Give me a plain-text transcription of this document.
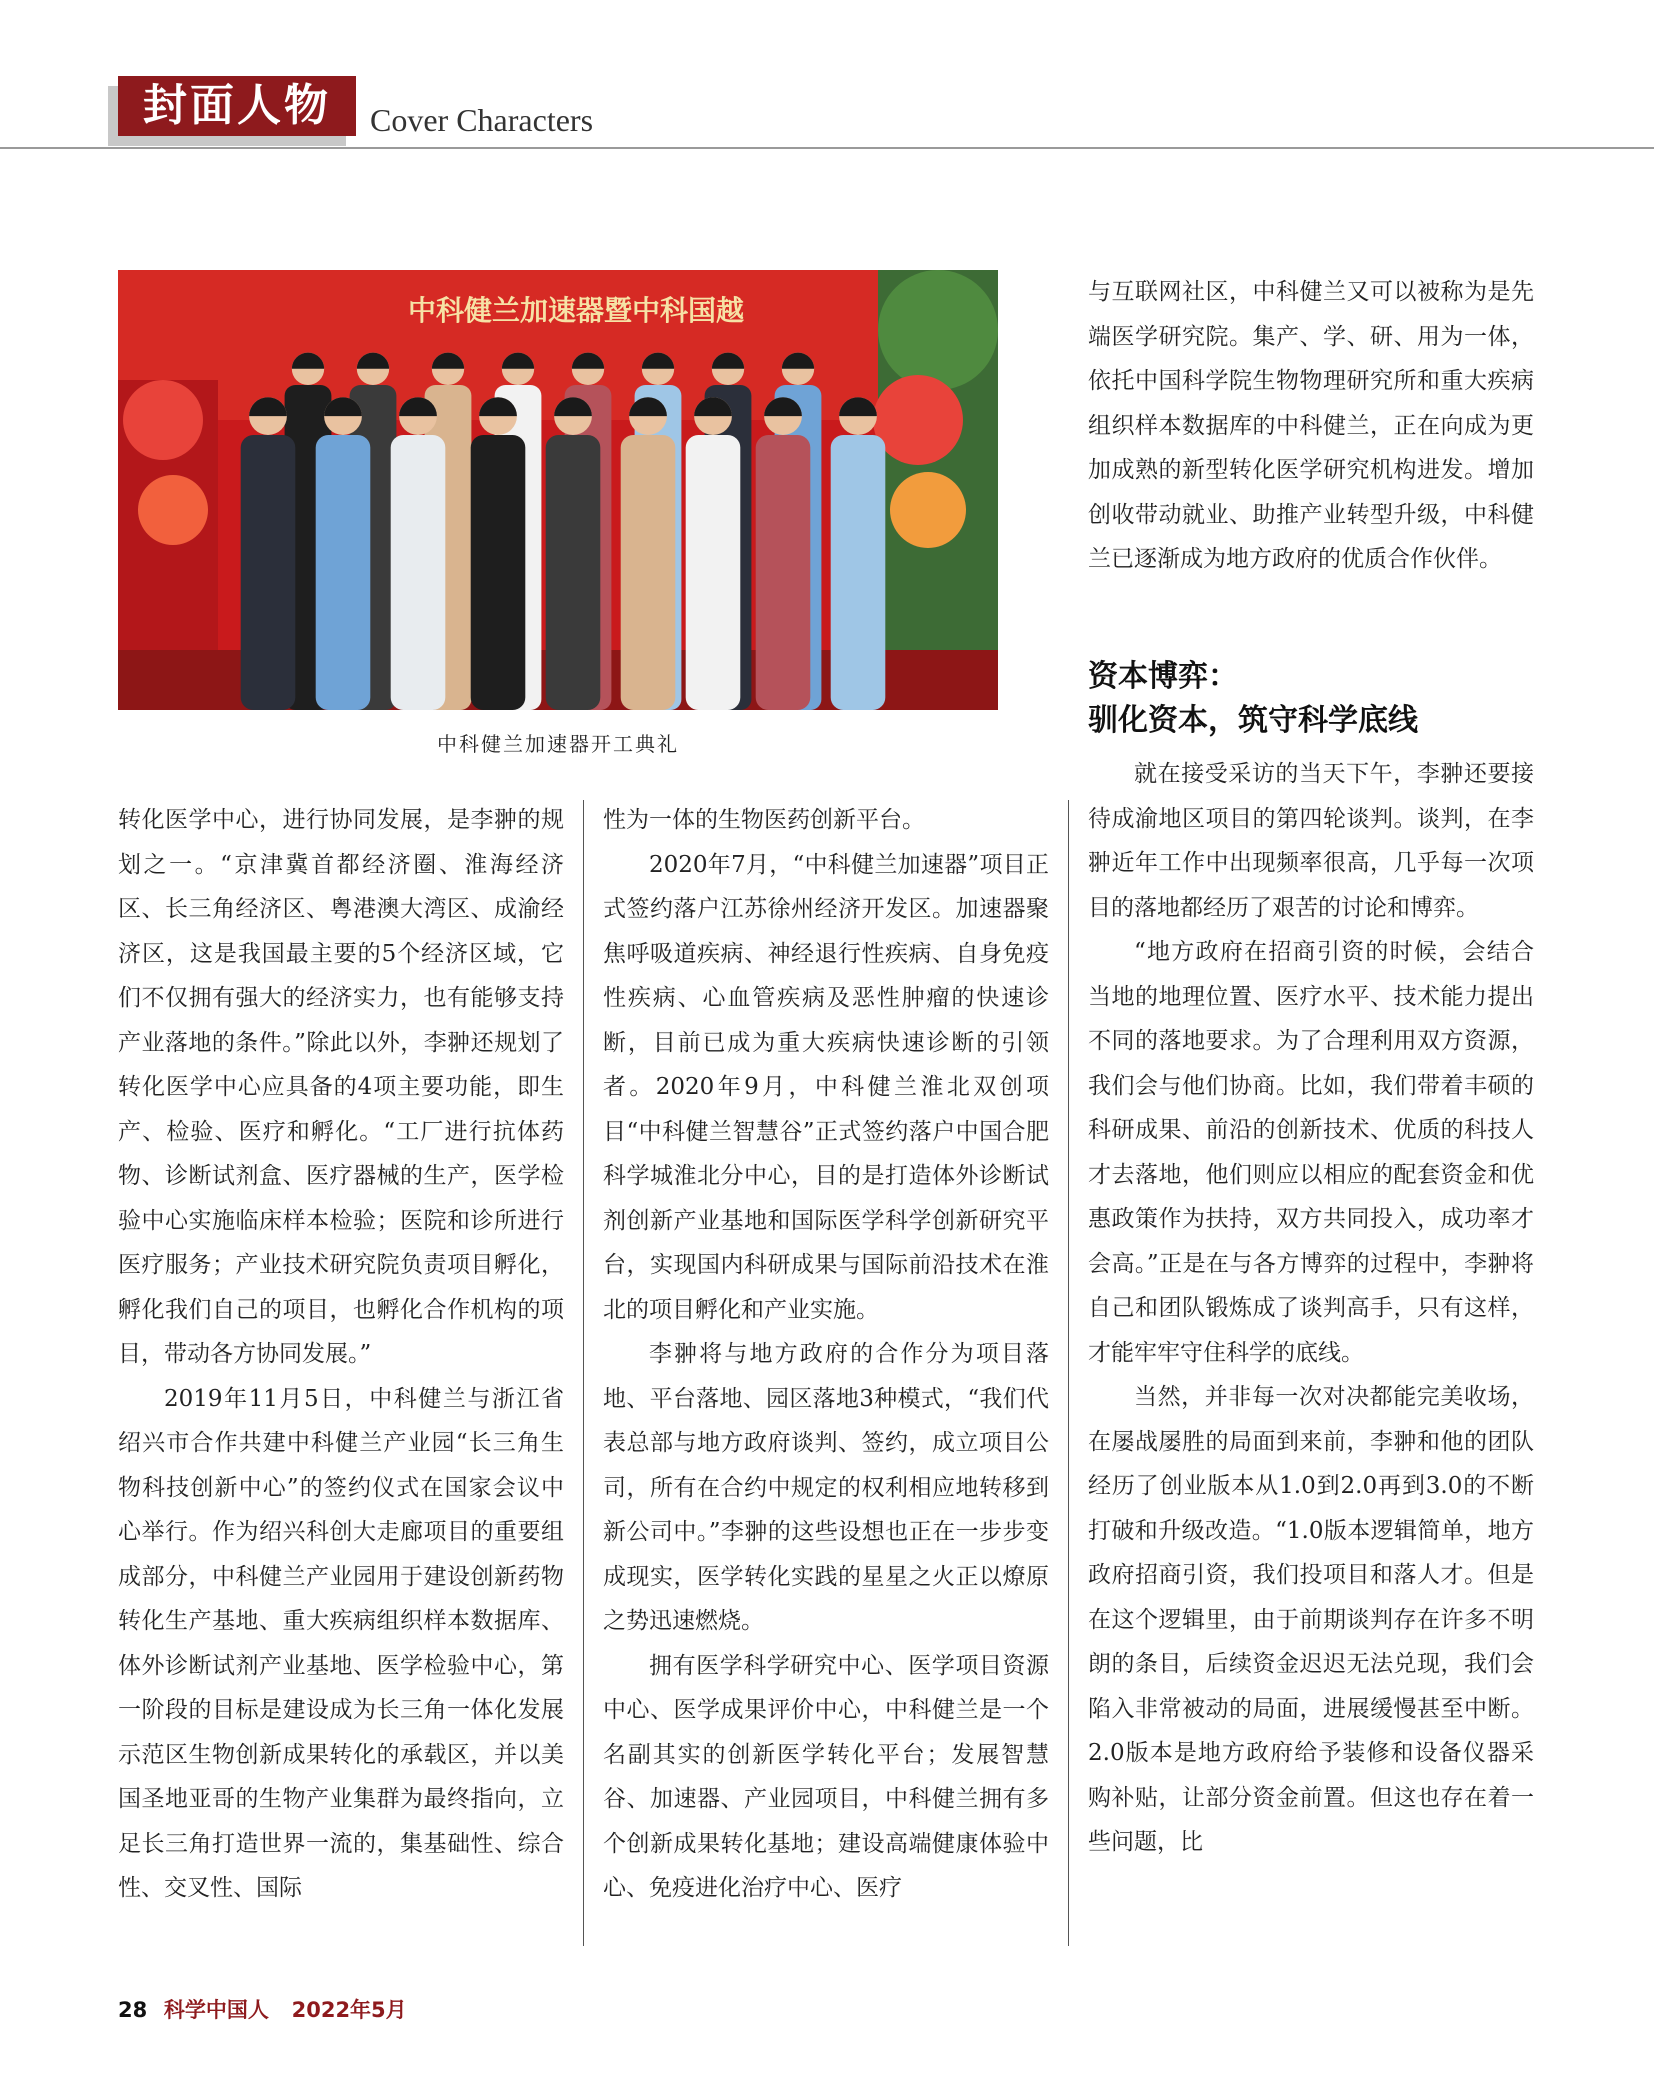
封面人物	Cover Characters
中科健兰加速器暨中科国越
中科健兰加速器开工典礼

与互联网社区，中科健兰又可以被称为是先端医学研究院。集产、学、研、用为一体，依托中国科学院生物物理研究所和重大疾病组织样本数据库的中科健兰，正在向成为更加成熟的新型转化医学研究机构进发。增加创收带动就业、助推产业转型升级，中科健兰已逐渐成为地方政府的优质合作伙伴。

资本博弈：
驯化资本，筑守科学底线

转化医学中心，进行协同发展，是李翀的规划之一。“京津冀首都经济圈、淮海经济区、长三角经济区、粤港澳大湾区、成渝经济区，这是我国最主要的5个经济区域，它们不仅拥有强大的经济实力，也有能够支持产业落地的条件。”除此以外，李翀还规划了转化医学中心应具备的4项主要功能，即生产、检验、医疗和孵化。“工厂进行抗体药物、诊断试剂盒、医疗器械的生产，医学检验中心实施临床样本检验；医院和诊所进行医疗服务；产业技术研究院负责项目孵化，孵化我们自己的项目，也孵化合作机构的项目，带动各方协同发展。”

2019年11月5日，中科健兰与浙江省绍兴市合作共建中科健兰产业园“长三角生物科技创新中心”的签约仪式在国家会议中心举行。作为绍兴科创大走廊项目的重要组成部分，中科健兰产业园用于建设创新药物转化生产基地、重大疾病组织样本数据库、体外诊断试剂产业基地、医学检验中心，第一阶段的目标是建设成为长三角一体化发展示范区生物创新成果转化的承载区，并以美国圣地亚哥的生物产业集群为最终指向，立足长三角打造世界一流的，集基础性、综合性、交叉性、国际

性为一体的生物医药创新平台。

2020年7月，“中科健兰加速器”项目正式签约落户江苏徐州经济开发区。加速器聚焦呼吸道疾病、神经退行性疾病、自身免疫性疾病、心血管疾病及恶性肿瘤的快速诊断，目前已成为重大疾病快速诊断的引领者。2020年9月，中科健兰淮北双创项目“中科健兰智慧谷”正式签约落户中国合肥科学城淮北分中心，目的是打造体外诊断试剂创新产业基地和国际医学科学创新研究平台，实现国内科研成果与国际前沿技术在淮北的项目孵化和产业实施。

李翀将与地方政府的合作分为项目落地、平台落地、园区落地3种模式，“我们代表总部与地方政府谈判、签约，成立项目公司，所有在合约中规定的权利相应地转移到新公司中。”李翀的这些设想也正在一步步变成现实，医学转化实践的星星之火正以燎原之势迅速燃烧。

拥有医学科学研究中心、医学项目资源中心、医学成果评价中心，中科健兰是一个名副其实的创新医学转化平台；发展智慧谷、加速器、产业园项目，中科健兰拥有多个创新成果转化基地；建设高端健康体验中心、免疫进化治疗中心、医疗

就在接受采访的当天下午，李翀还要接待成渝地区项目的第四轮谈判。谈判，在李翀近年工作中出现频率很高，几乎每一次项目的落地都经历了艰苦的讨论和博弈。

“地方政府在招商引资的时候，会结合当地的地理位置、医疗水平、技术能力提出不同的落地要求。为了合理利用双方资源，我们会与他们协商。比如，我们带着丰硕的科研成果、前沿的创新技术、优质的科技人才去落地，他们则应以相应的配套资金和优惠政策作为扶持，双方共同投入，成功率才会高。”正是在与各方博弈的过程中，李翀将自己和团队锻炼成了谈判高手，只有这样，才能牢牢守住科学的底线。

当然，并非每一次对决都能完美收场，在屡战屡胜的局面到来前，李翀和他的团队经历了创业版本从1.0到2.0再到3.0的不断打破和升级改造。“1.0版本逻辑简单，地方政府招商引资，我们投项目和落人才。但是在这个逻辑里，由于前期谈判存在许多不明朗的条目，后续资金迟迟无法兑现，我们会陷入非常被动的局面，进展缓慢甚至中断。2.0版本是地方政府给予装修和设备仪器采购补贴，让部分资金前置。但这也存在着一些问题，比

28 科学中国人 2022年5月
